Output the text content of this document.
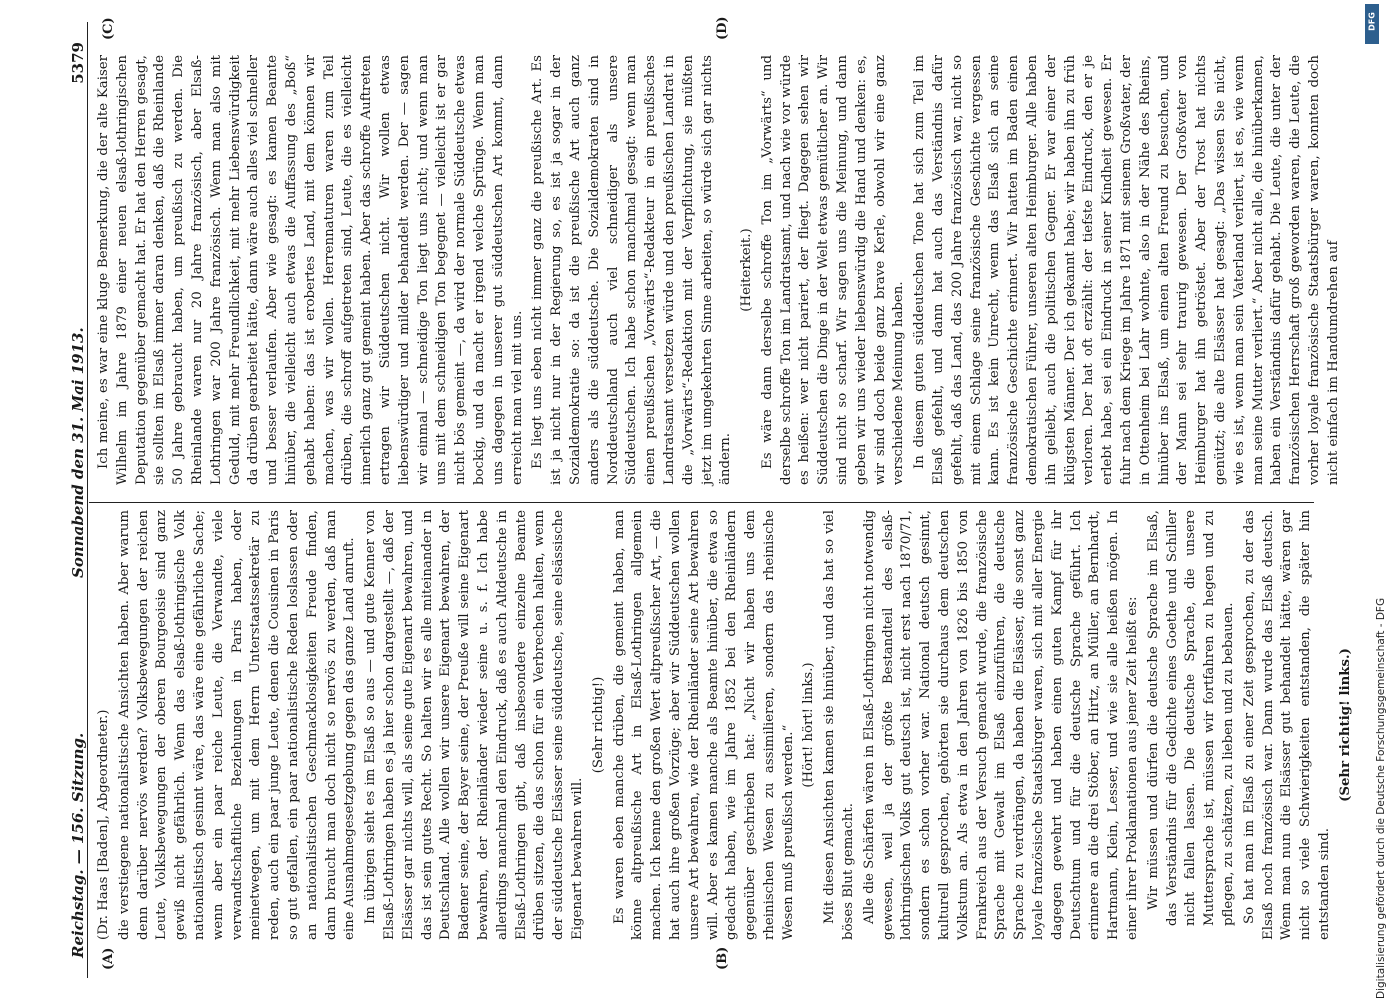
Reichstag. — 156. Sitzung.
Sonnabend den 31. Mai 1913.
5379
(A)	(B)
(C)	(D)

(Dr. Haas [Baden], Abgeordneter.) die verstiegene nationalistische Ansichten haben. Aber warum denn darüber nervös werden? Volksbewegungen der reichen Leute, Volksbewegungen der oberen Bourgeoisie sind ganz gewiß nicht gefährlich. Wenn das elsaß-lothringische Volk nationalistisch gesinnt wäre, das wäre eine gefährliche Sache; wenn aber ein paar reiche Leute, die Verwandte, viele verwandtschaftliche Beziehungen in Paris haben, oder meinetwegen, um mit dem Herrn Unterstaatssekretär zu reden, auch ein paar junge Leute, denen die Cousinen in Paris so gut gefallen, ein paar nationalistische Reden loslassen oder an nationalistischen Geschmacklosigkeiten Freude finden, dann braucht man doch nicht so nervös zu werden, daß man eine Ausnahmegesetzgebung gegen das ganze Land anruft. Im übrigen sieht es im Elsaß so aus — und gute Kenner von Elsaß-Lothringen haben es ja hier schon dargestellt —, daß der Elsässer gar nichts will, als seine gute Eigenart bewahren, und das ist sein gutes Recht. So halten wir es alle miteinander in Deutschland. Alle wollen wir unsere Eigenart bewahren, der Badener seine, der Bayer seine, der Preuße will seine Eigenart bewahren, der Rheinländer wieder seine u. s. f. Ich habe allerdings manchmal den Eindruck, daß es auch Altdeutsche in Elsaß-Lothringen gibt, daß insbesondere einzelne Beamte drüben sitzen, die das schon für ein Verbrechen halten, wenn der süddeutsche Elsässer seine süddeutsche, seine elsässische Eigenart bewahren will.

(Sehr richtig!) Es waren eben manche drüben, die gemeint haben, man könne altpreußische Art in Elsaß-Lothringen allgemein machen. Ich kenne den großen Wert altpreußischer Art, — die hat auch ihre großen Vorzüge; aber wir Süddeutschen wollen unsere Art bewahren, wie der Rheinländer seine Art bewahren will. Aber es kamen manche als Beamte hinüber, die etwa so gedacht haben, wie im Jahre 1852 bei den Rheinländern gegenüber geschrieben hat: „Nicht wir haben uns dem rheinischen Wesen zu assimilieren, sondern das rheinische Wesen muß preußisch werden.“ (Hört! hört! links.) Mit diesen Ansichten kamen sie hinüber, und das hat so viel böses Blut gemacht. Alle die Schärfen wären in Elsaß-Lothringen nicht notwendig gewesen, weil ja der größte Bestandteil des elsaß-lothringischen Volks gut deutsch ist, nicht erst nach 1870/71, sondern es schon vorher war. National deutsch gesinnt, kulturell gesprochen, gehörten sie durchaus dem deutschen Volkstum an. Als etwa in den Jahren von 1826 bis 1850 von Frankreich aus der Versuch gemacht wurde, die französische Sprache mit Gewalt im Elsaß einzuführen, die deutsche Sprache zu verdrängen, da haben die Elsässer, die sonst ganz loyale französische Staatsbürger waren, sich mit aller Energie dagegen gewehrt und haben einen guten Kampf für ihr Deutschtum und für die deutsche Sprache geführt. Ich erinnere an die drei Stöber, an Hirtz, an Müller, an Bernhardt, Hartmann, Klein, Lesser, und wie sie alle heißen mögen. In einer ihrer Proklamationen aus jener Zeit heißt es: Wir müssen und dürfen die deutsche Sprache im Elsaß, das Verständnis für die Gedichte eines Goethe und Schiller nicht fallen lassen. Die deutsche Sprache, die unsere Muttersprache ist, müssen wir fortfahren zu hegen und zu pflegen, zu schätzen, zu lieben und zu bebauen. So hat man im Elsaß zu einer Zeit gesprochen, zu der das Elsaß noch französisch war. Dann wurde das Elsaß deutsch. Wenn man nun die Elsässer gut behandelt hätte, wären gar nicht so viele Schwierigkeiten entstanden, die später hin entstanden sind.

(Sehr richtig! links.)

Ich meine, es war eine kluge Bemerkung, die der alte Kaiser Wilhelm im Jahre 1879 einer neuen elsaß-lothringischen Deputation gegenüber gemacht hat. Er hat den Herren gesagt, sie sollten im Elsaß immer daran denken, daß die Rheinlande 50 Jahre gebraucht haben, um preußisch zu werden. Die Rheinlande waren nur 20 Jahre französisch, aber Elsaß-Lothringen war 200 Jahre französisch. Wenn man also mit Geduld, mit mehr Freundlichkeit, mit mehr Liebenswürdigkeit da drüben gearbeitet hätte, dann wäre auch alles viel schneller und besser verlaufen. Aber wie gesagt: es kamen Beamte hinüber, die vielleicht auch etwas die Auffassung des „Boß“ gehabt haben: das ist erobertes Land, mit dem können wir machen, was wir wollen. Herrennaturen waren zum Teil drüben, die schroff aufgetreten sind, Leute, die es vielleicht innerlich ganz gut gemeint haben. Aber das schroffe Auftreten ertragen wir Süddeutschen nicht. Wir wollen etwas liebenswürdiger und milder behandelt werden. Der — sagen wir einmal — schneidige Ton liegt uns nicht; und wenn man uns mit dem schneidigen Ton begegnet — vielleicht ist er gar nicht bös gemeint —, da wird der normale Süddeutsche etwas bockig, und da macht er irgend welche Sprünge. Wenn man uns dagegen in unserer gut süddeutschen Art kommt, dann erreicht man viel mit uns. Es liegt uns eben nicht immer ganz die preußische Art. Es ist ja nicht nur in der Regierung so, es ist ja sogar in der Sozialdemokratie so: da ist die preußische Art auch ganz anders als die süddeutsche. Die Sozialdemokraten sind in Norddeutschland auch viel schneidiger als unsere Süddeutschen. Ich habe schon manchmal gesagt: wenn man einen preußischen „Vorwärts“-Redakteur in ein preußisches Landratsamt versetzen würde und den preußischen Landrat in die „Vorwärts“-Redaktion mit der Verpflichtung, sie müßten jetzt im umgekehrten Sinne arbeiten, so würde sich gar nichts ändern.

(Heiterkeit.) Es wäre dann derselbe schroffe Ton im „Vorwärts“ und derselbe schroffe Ton im Landratsamt, und nach wie vor würde es heißen: wer nicht pariert, der fliegt. Dagegen sehen wir Süddeutschen die Dinge in der Welt etwas gemütlicher an. Wir sind nicht so scharf. Wir sagen uns die Meinung, und dann geben wir uns wieder liebenswürdig die Hand und denken: es, wir sind doch beide ganz brave Kerle, obwohl wir eine ganz verschiedene Meinung haben. In diesem guten süddeutschen Tone hat sich zum Teil im Elsaß gefehlt, und dann hat auch das Verständnis dafür gefehlt, daß das Land, das 200 Jahre französisch war, nicht so mit einem Schlage seine französische Geschichte vergessen kann. Es ist kein Unrecht, wenn das Elsaß sich an seine französische Geschichte erinnert. Wir hatten im Baden einen demokratischen Führer, unseren alten Heimburger. Alle haben ihn geliebt, auch die politischen Gegner. Er war einer der klügsten Männer. Der ich gekannt habe; wir haben ihn zu früh verloren. Der hat oft erzählt: der tiefste Eindruck, den er je erlebt habe, sei ein Eindruck in seiner Kindheit gewesen. Er fuhr nach dem Kriege im Jahre 1871 mit seinem Großvater, der in Ottenheim bei Lahr wohnte, also in der Nähe des Rheins, hinüber ins Elsaß, um einen alten Freund zu besuchen, und der Mann sei sehr traurig gewesen. Der Großvater von Heimburger hat ihn getröstet. Aber der Trost hat nichts genützt; die alte Elsässer hat gesagt: „Das wissen Sie nicht, wie es ist, wenn man sein Vaterland verliert, ist es, wie wenn man seine Mutter verliert.“ Aber nicht alle, die hinüberkamen, haben ein Verständnis dafür gehabt. Die Leute, die unter der französischen Herrschaft groß geworden waren, die Leute, die vorher loyale französische Staatsbürger waren, konnten doch nicht einfach im Handumdrehen auf

DFG
Digitalisierung gefördert durch die Deutsche Forschungsgemeinschaft - DFG
